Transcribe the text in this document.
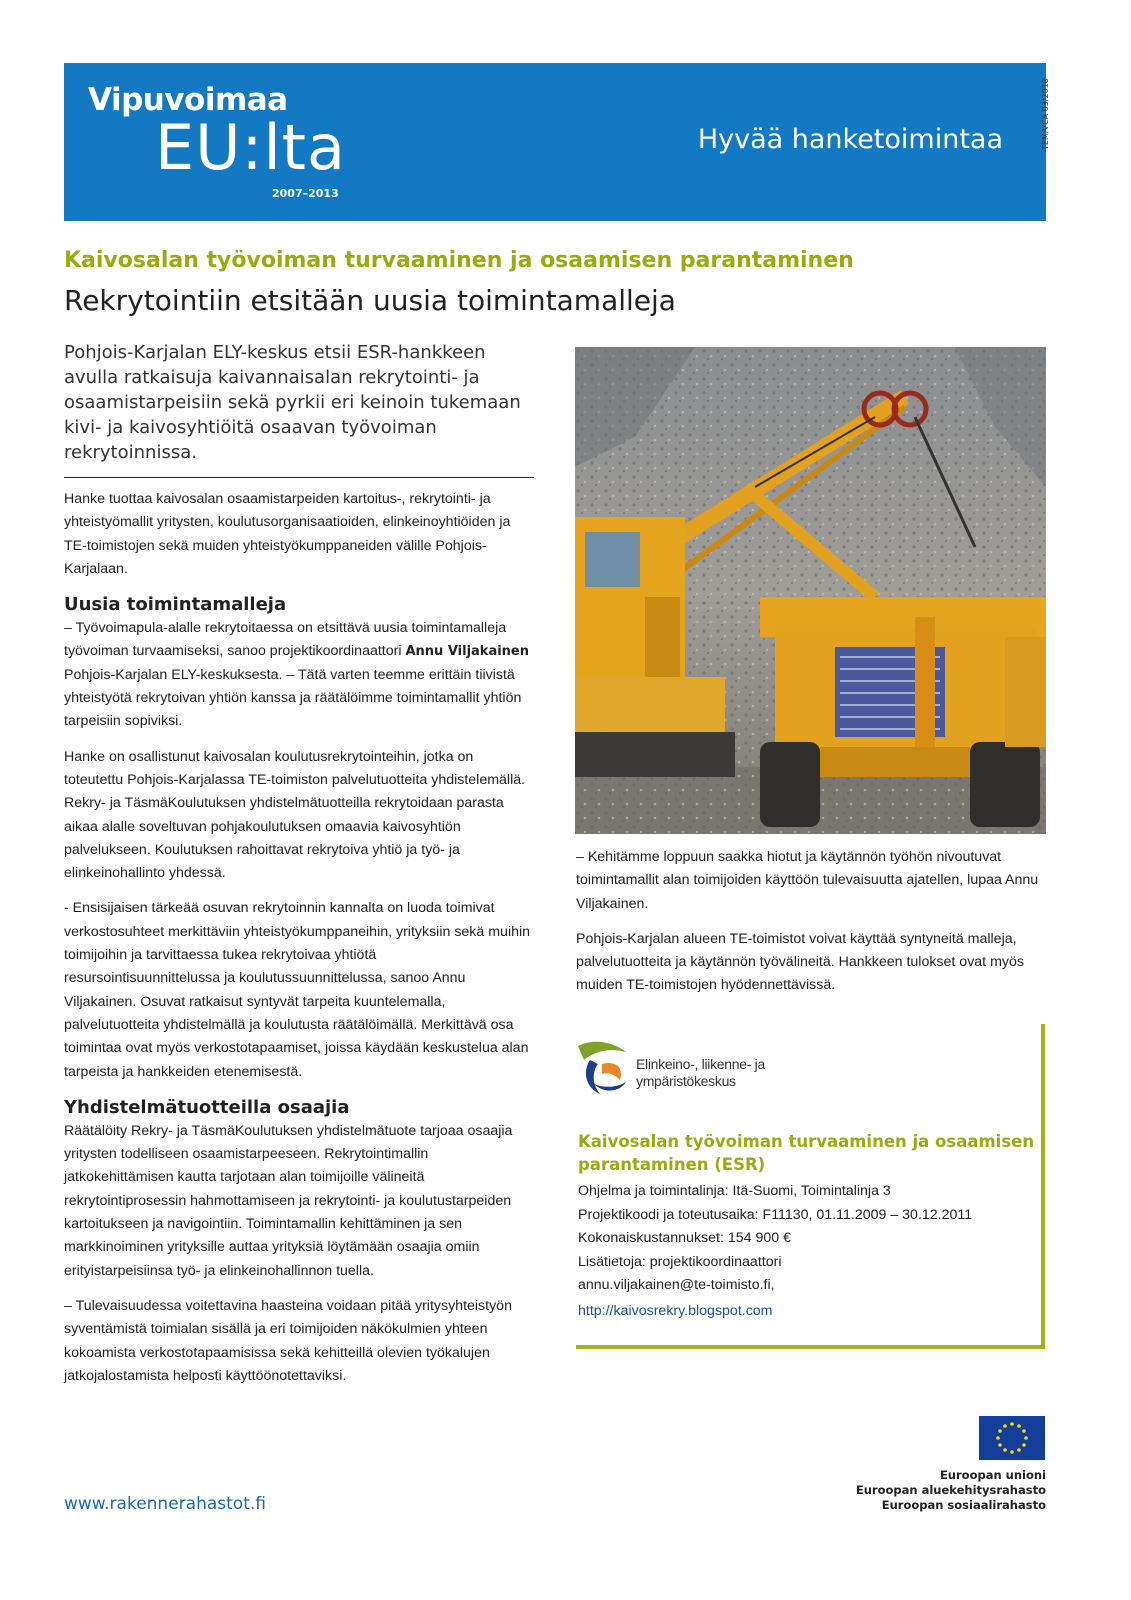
Vipuvoimaa
EU:lta
2007–2013
Hyvää hanketoimintaa	TEM/VCA 03/2010
Kaivosalan työvoiman turvaaminen ja osaamisen parantaminen
Rekrytointiin etsitään uusia toimintamalleja
Pohjois-Karjalan ELY-keskus etsii ESR-hankkeen avulla ratkaisuja kaivannaisalan rekrytointi- ja osaamistarpeisiin sekä pyrkii eri keinoin tukemaan kivi- ja kaivosyhtiöitä osaavan työvoiman rekrytoinnissa.

Hanke tuottaa kaivosalan osaamistarpeiden kartoitus-, rekrytointi- ja yhteistyömallit yritysten, koulutusorganisaatioiden, elinkeinoyhtiöiden ja TE-toimistojen sekä muiden yhteistyökumppaneiden välille Pohjois-Karjalaan.

Uusia toimintamalleja

– Työvoimapula-alalle rekrytoitaessa on etsittävä uusia toimintamalleja työvoiman turvaamiseksi, sanoo projektikoordinaattori Annu Viljakainen Pohjois-Karjalan ELY-keskuksesta. – Tätä varten teemme erittäin tiivistä yhteistyötä rekrytoivan yhtiön kanssa ja räätälöimme toimintamallit yhtiön tarpeisiin sopiviksi.

Hanke on osallistunut kaivosalan koulutusrekrytointeihin, jotka on toteutettu Pohjois-Karjalassa TE-toimiston palvelutuotteita yhdistelemällä. Rekry- ja TäsmäKoulutuksen yhdistelmätuotteilla rekrytoidaan parasta aikaa alalle soveltuvan pohjakoulutuksen omaavia kaivosyhtiön palvelukseen. Koulutuksen rahoittavat rekrytoiva yhtiö ja työ- ja elinkeinohallinto yhdessä.

- Ensisijaisen tärkeää osuvan rekrytoinnin kannalta on luoda toimivat verkostosuhteet merkittäviin yhteistyökumppaneihin, yrityksiin sekä muihin toimijoihin ja tarvittaessa tukea rekrytoivaa yhtiötä resursointisuunnittelussa ja koulutussuunnittelussa, sanoo Annu Viljakainen. Osuvat ratkaisut syntyvät tarpeita kuuntelemalla, palvelutuotteita yhdistelmällä ja koulutusta räätälöimällä. Merkittävä osa toimintaa ovat myös verkostotapaamiset, joissa käydään keskustelua alan tarpeista ja hankkeiden etenemisestä.

Yhdistelmätuotteilla osaajia

Räätälöity Rekry- ja TäsmäKoulutuksen yhdistelmätuote tarjoaa osaajia yritysten todelliseen osaamistarpeeseen. Rekrytointimallin jatkokehittämisen kautta tarjotaan alan toimijoille välineitä rekrytointiprosessin hahmottamiseen ja rekrytointi- ja koulutustarpeiden kartoitukseen ja navigointiin. Toimintamallin kehittäminen ja sen markkinoiminen yrityksille auttaa yrityksiä löytämään osaajia omiin erityistarpeisiinsa työ- ja elinkeinohallinnon tuella.

– Tulevaisuudessa voitettavina haasteina voidaan pitää yritysyhteistyön syventämistä toimialan sisällä ja eri toimijoiden näkökulmien yhteen kokoamista verkostotapaamisissa sekä kehitteillä olevien työkalujen jatkojalostamista helposti käyttöönotettaviksi.

– Kehitämme loppuun saakka hiotut ja käytännön työhön nivoutuvat toimintamallit alan toimijoiden käyttöön tulevaisuutta ajatellen, lupaa Annu Viljakainen.

Pohjois-Karjalan alueen TE-toimistot voivat käyttää syntyneitä malleja, palvelutuotteita ja käytännön työvälineitä. Hankkeen tulokset ovat myös muiden TE-toimistojen hyödennettävissä.

Elinkeino-, liikenne- ja
ympäristökeskus
Kaivosalan työvoiman turvaaminen ja osaamisen parantaminen (ESR)
Ohjelma ja toimintalinja: Itä-Suomi, Toimintalinja 3
Projektikoodi ja toteutusaika: F11130, 01.11.2009 – 30.12.2011
Kokonaiskustannukset: 154 900 €
Lisätietoja: projektikoordinaattori
annu.viljakainen@te-toimisto.fi,
http://kaivosrekry.blogspot.com
Euroopan unioni
Euroopan aluekehitysrahasto
Euroopan sosiaalirahasto
www.rakennerahastot.fi
